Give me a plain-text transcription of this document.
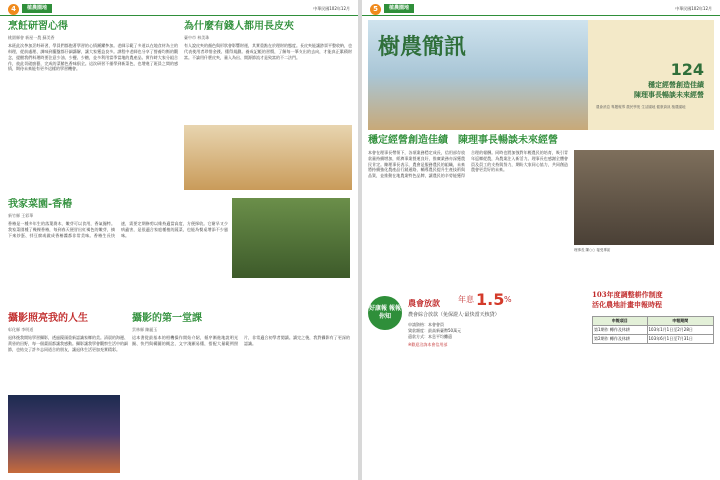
4	植農園地	中華民國102年12月
烹飪研習心得
桃園縣會 新屋一農 蘇美香
本班此次參加烹飪研習，學員們都抱著學習的心情踴躍參加。老師示範了多道以在地食材為主的料理，從前處理、調味到擺盤都仔細講解，讓大家獲益良多。課程中老師也分享了營養均衡的觀念，提醒我們料理時要注意少油、少鹽、少糖，並多利用當季當地的農產品。實作時大家分組合作，彼此切磋廚藝，完成的菜餚色香味俱全。這次研習不僅學到新菜色，也增進了班員之間的感情，期待未來能有更多這樣的學習機會。
為什麼有錢人都用長皮夾
臺中市 林美珠
有人說皮夾的顏色與形狀會影響財運，其實重點在於理財的態度。長皮夾能讓鈔票平整收納，也代表使用者珍惜金錢、懂得規劃。養成記帳的習慣，了解每一筆支出的去向，才能真正累積財富。不論用什麼皮夾，量入為出、開源節流才是致富的不二法門。
我家菜園-香椿
新竹縣 王彩華
香椿是一種多年生的落葉喬木，嫩芽可以食用，香氣獨特。我家菜園種了幾棵香椿，每到春天便冒出紅褐色的嫩芽，摘下來炒蛋、拌豆腐或做成香椿醬都非常美味。香椿生長快速，需要定期修剪以維持適當高度，方便採收。它耐旱又少病蟲害，是很適合家庭種植的蔬菜，也能為餐桌增添不少風味。
攝影照亮我的人生
彰化縣 李明道
退休後我開始學習攝影，透過鏡頭重新認識家鄉的美。清晨的海邊、黃昏的田野，每一個畫面都讓我感動。攝影讓我學會觀察生活中的細節，也結交了許多志同道合的朋友，讓退休生活更加充實精彩。
攝影的第一堂課
雲林縣 陳麗玉
這本書從最基本的相機操作開始介紹，循序漸進地說明光圈、快門與構圖的概念，文字淺顯易懂，搭配大量範例照片，非常適合初學者閱讀。讀完之後，我對攝影有了更深的認識。
5	植農園地	中華民國102年12月
樹農簡訊
124
穩定經營創造佳績
陳理事長暢談未來經營
農會消息 專題報導 農民學苑 生活園地 健康資訊 植農園地
穩定經營創造佳績　陳理事長暢談未來經營
本會在理事長帶領下，各項業務穩定成長，信用部存放款量持續增加，經濟事業營運良好，推廣業務亦深獲農民肯定。陳理事長表示，農會是服務農民的組織，未來將持續強化農產品行銷通路，輔導農民提升生產技術與品質，並推動在地農業特色品牌，讓農民的辛勞能獲得合理的報酬。同時也將加強對年輕農民的培育，吸引青年返鄉從農，為農業注入新活力。理事長也感謝全體會員及員工的支持與努力，期盼大家同心協力，共同創造農會更美好的未來。
理事長 陳○○ 接受專訪
好康報 報報你知
農會放款 年息 1.5 %
農會綜合放款（免保證人‧最快當天核貸）
申請資格：本會會員
貸款額度：最高新臺幣50萬元
還款方式：本息平均攤還
※歡迎洽詢本會信用部
103年度調整耕作制度
活化農地計畫申報時程
申報項目	申報期間
第1期作 轉作及休耕	103年1月1日至2月28日
第2期作 轉作及休耕	103年6月1日至7月31日
